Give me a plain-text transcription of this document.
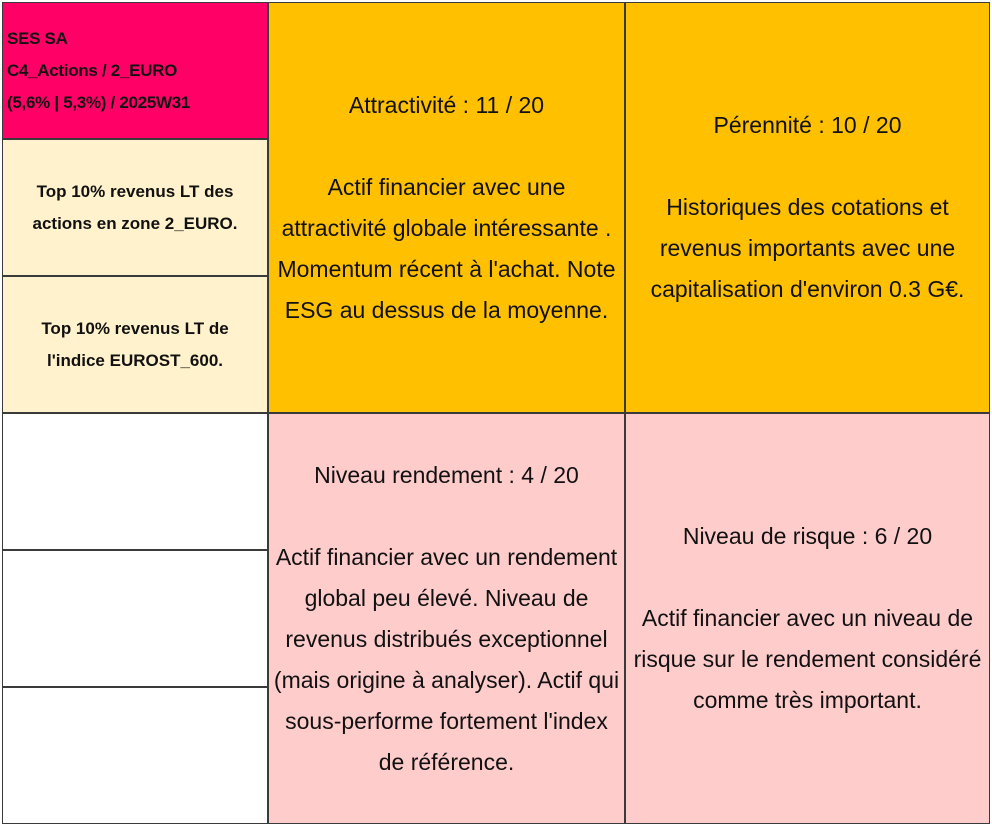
SES SA
C4_Actions / 2_EURO
(5,6% | 5,3%) / 2025W31
Top 10% revenus LT des actions en zone 2_EURO.
Top 10% revenus LT de l'indice EUROST_600.
Attractivité : 11 / 20
Actif financier avec une attractivité globale intéressante . Momentum récent à l'achat. Note ESG au dessus de la moyenne.
Pérennité : 10 / 20
Historiques des cotations et revenus importants avec une capitalisation d'environ 0.3 G€.
Niveau rendement : 4 / 20
Actif financier avec un rendement global peu élevé. Niveau de revenus distribués exceptionnel (mais origine à analyser). Actif qui sous-performe fortement l'index de référence.
Niveau de risque : 6 / 20
Actif financier avec un niveau de risque sur le rendement considéré comme très important.
